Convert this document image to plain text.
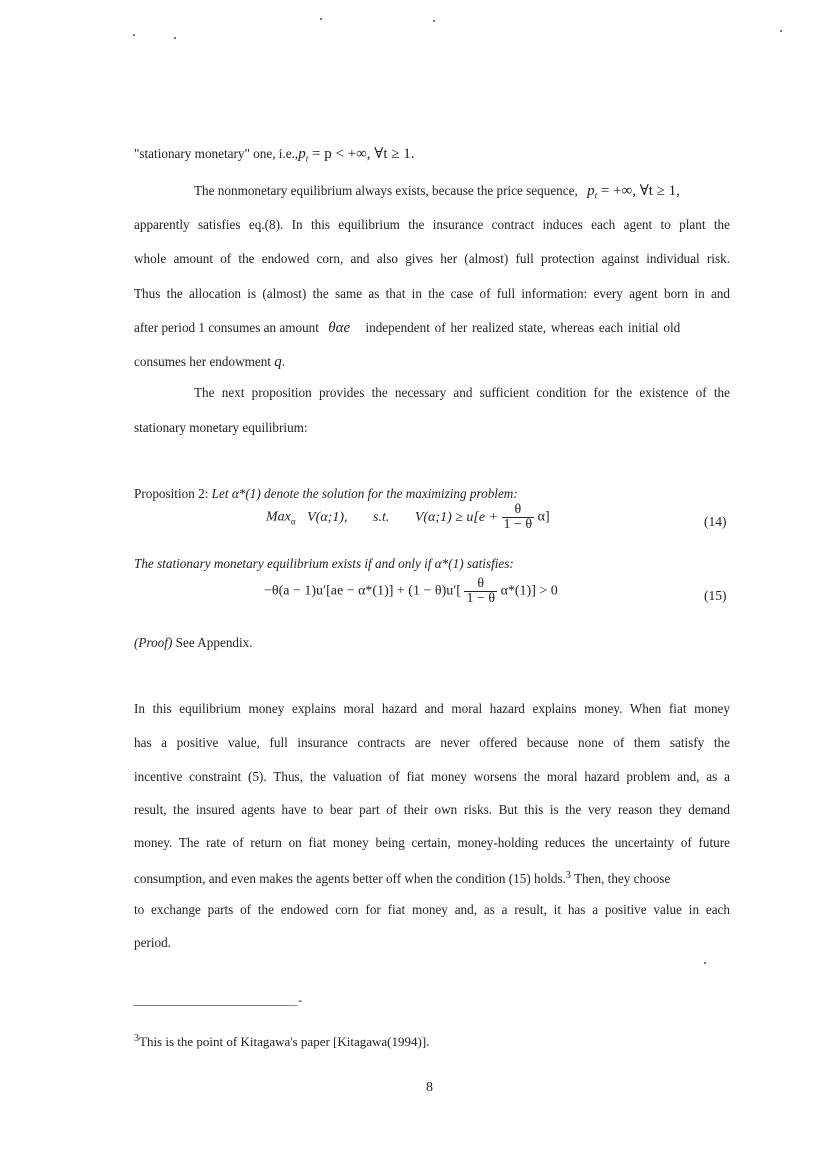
"stationary monetary" one, $i.e.,p_t = p$ < +∞, ∀t ≥ 1.
The nonmonetary equilibrium always exists, because the price sequence, $p_t$ = +∞, ∀t ≥ 1,
apparently satisfies eq.(8). In this equilibrium the insurance contract induces each agent to plant the
whole amount of the endowed corn, and also gives her (almost) full protection against individual risk.
Thus the allocation is (almost) the same as that in the case of full information: every agent born in and
after period 1 consumes an amount θαe independent of her realized state, whereas each initial old
consumes her endowment q.
The next proposition provides the necessary and sufficient condition for the existence of the
stationary monetary equilibrium:
Proposition 2: Let α*(1) denote the solution for the maximizing problem:
Max$_\alpha$ V(α;1), s.t. V(α;1) ≥ $u[e + \frac{\theta}{1 - \theta} \alpha]$	(14)
The stationary monetary equilibrium exists if and only if α*(1) satisfies:
$-\theta(a - 1)u'[ae - \alpha*(1)] + (1 - \theta)u'[ \frac{\theta}{1 - \theta} \alpha*(1)] > 0$	(15)
(Proof) See Appendix.
In this equilibrium money explains moral hazard and moral hazard explains money. When fiat money
has a positive value, full insurance contracts are never offered because none of them satisfy the
incentive constraint (5). Thus, the valuation of fiat money worsens the moral hazard problem and, as a
result, the insured agents have to bear part of their own risks. But this is the very reason they demand
money. The rate of return on fiat money being certain, money-holding reduces the uncertainty of future
consumption, and even makes the agents better off when the condition (15) holds.$^3$ Then, they choose
to exchange parts of the endowed corn for fiat money and, as a result, it has a positive value in each
period.
_______________________________ _ -
$^3$This is the point of Kitagawa's paper [Kitagawa(1994)].
8
